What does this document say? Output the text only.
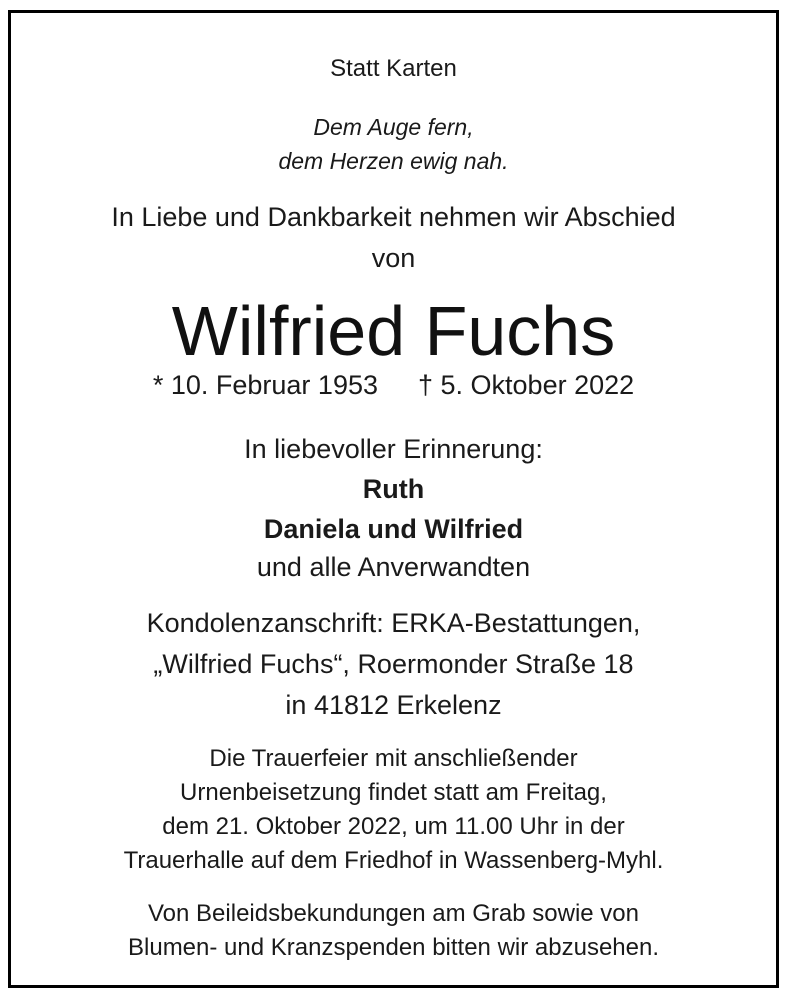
Statt Karten
Dem Auge fern,
dem Herzen ewig nah.
In Liebe und Dankbarkeit nehmen wir Abschied
von
Wilfried Fuchs
* 10. Februar 1953 † 5. Oktober 2022
In liebevoller Erinnerung:
Ruth
Daniela und Wilfried
und alle Anverwandten
Kondolenzanschrift: ERKA-Bestattungen,
„Wilfried Fuchs“, Roermonder Straße 18
in 41812 Erkelenz
Die Trauerfeier mit anschließender
Urnenbeisetzung findet statt am Freitag,
dem 21. Oktober 2022, um 11.00 Uhr in der
Trauerhalle auf dem Friedhof in Wassenberg-Myhl.
Von Beileidsbekundungen am Grab sowie von
Blumen- und Kranzspenden bitten wir abzusehen.
